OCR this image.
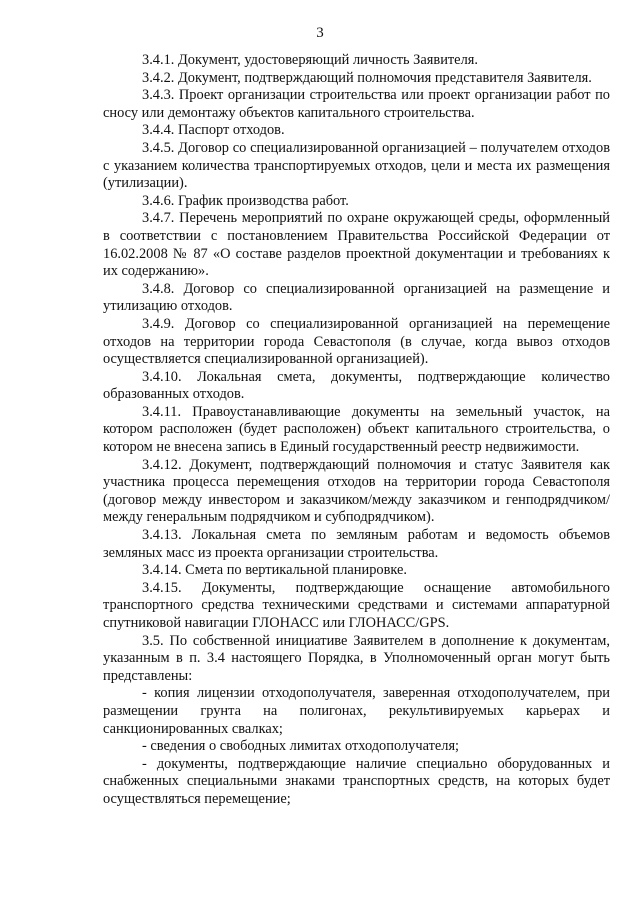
3

3.4.1. Документ, удостоверяющий личность Заявителя.

3.4.2. Документ, подтверждающий полномочия представителя Заявителя.

3.4.3. Проект организации строительства или проект организации работ по сносу или демонтажу объектов капитального строительства.

3.4.4. Паспорт отходов.

3.4.5. Договор со специализированной организацией – получателем отходов с указанием количества транспортируемых отходов, цели и места их размещения (утилизации).

3.4.6. График производства работ.

3.4.7. Перечень мероприятий по охране окружающей среды, оформленный в соответствии с постановлением Правительства Российской Федерации от 16.02.2008 № 87 «О составе разделов проектной документации и требованиях к их содержанию».

3.4.8. Договор со специализированной организацией на размещение и утилизацию отходов.

3.4.9. Договор со специализированной организацией на перемещение отходов на территории города Севастополя (в случае, когда вывоз отходов осуществляется специализированной организацией).

3.4.10. Локальная смета, документы, подтверждающие количество образованных отходов.

3.4.11. Правоустанавливающие документы на земельный участок, на котором расположен (будет расположен) объект капитального строительства, о котором не внесена запись в Единый государственный реестр недвижимости.

3.4.12. Документ, подтверждающий полномочия и статус Заявителя как участника процесса перемещения отходов на территории города Севастополя (договор между инвестором и заказчиком/между заказчиком и генподрядчиком/между генеральным подрядчиком и субподрядчиком).

3.4.13. Локальная смета по земляным работам и ведомость объемов земляных масс из проекта организации строительства.

3.4.14. Смета по вертикальной планировке.

3.4.15. Документы, подтверждающие оснащение автомобильного транспортного средства техническими средствами и системами аппаратурной спутниковой навигации ГЛОНАСС или ГЛОНАСС/GPS.

3.5. По собственной инициативе Заявителем в дополнение к документам, указанным в п. 3.4 настоящего Порядка, в Уполномоченный орган могут быть представлены:

- копия лицензии отходополучателя, заверенная отходополучателем, при размещении грунта на полигонах, рекультивируемых карьерах и санкционированных свалках;

- сведения о свободных лимитах отходополучателя;

- документы, подтверждающие наличие специально оборудованных и снабженных специальными знаками транспортных средств, на которых будет осуществляться перемещение;
